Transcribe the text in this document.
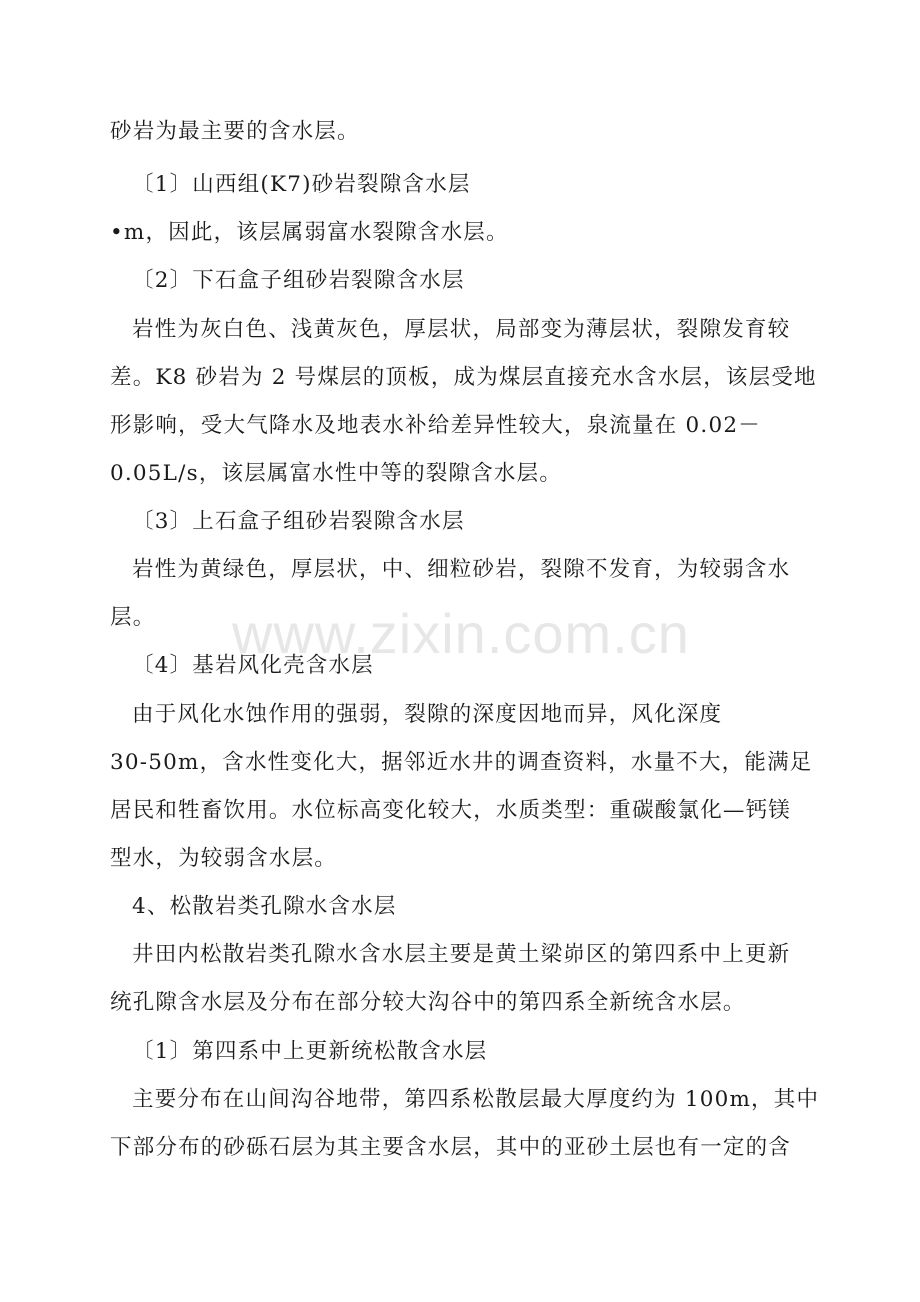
砂岩为最主要的含水层。
〔1〕山西组(K7)砂岩裂隙含水层
•m，因此，该层属弱富水裂隙含水层。
〔2〕下石盒子组砂岩裂隙含水层
岩性为灰白色、浅黄灰色，厚层状，局部变为薄层状，裂隙发育较
差。K8 砂岩为 2 号煤层的顶板，成为煤层直接充水含水层，该层受地
形影响，受大气降水及地表水补给差异性较大，泉流量在 0.02－
0.05L/s，该层属富水性中等的裂隙含水层。
〔3〕上石盒子组砂岩裂隙含水层
岩性为黄绿色，厚层状，中、细粒砂岩，裂隙不发育，为较弱含水
层。
〔4〕基岩风化壳含水层
由于风化水蚀作用的强弱，裂隙的深度因地而异，风化深度
30-50m，含水性变化大，据邻近水井的调查资料，水量不大，能满足
居民和牲畜饮用。水位标高变化较大，水质类型：重碳酸氯化—钙镁
型水，为较弱含水层。
4、松散岩类孔隙水含水层
井田内松散岩类孔隙水含水层主要是黄土梁峁区的第四系中上更新
统孔隙含水层及分布在部分较大沟谷中的第四系全新统含水层。
〔1〕第四系中上更新统松散含水层
主要分布在山间沟谷地带，第四系松散层最大厚度约为 100m，其中
下部分布的砂砾石层为其主要含水层，其中的亚砂土层也有一定的含
www.zixin.com.cn
